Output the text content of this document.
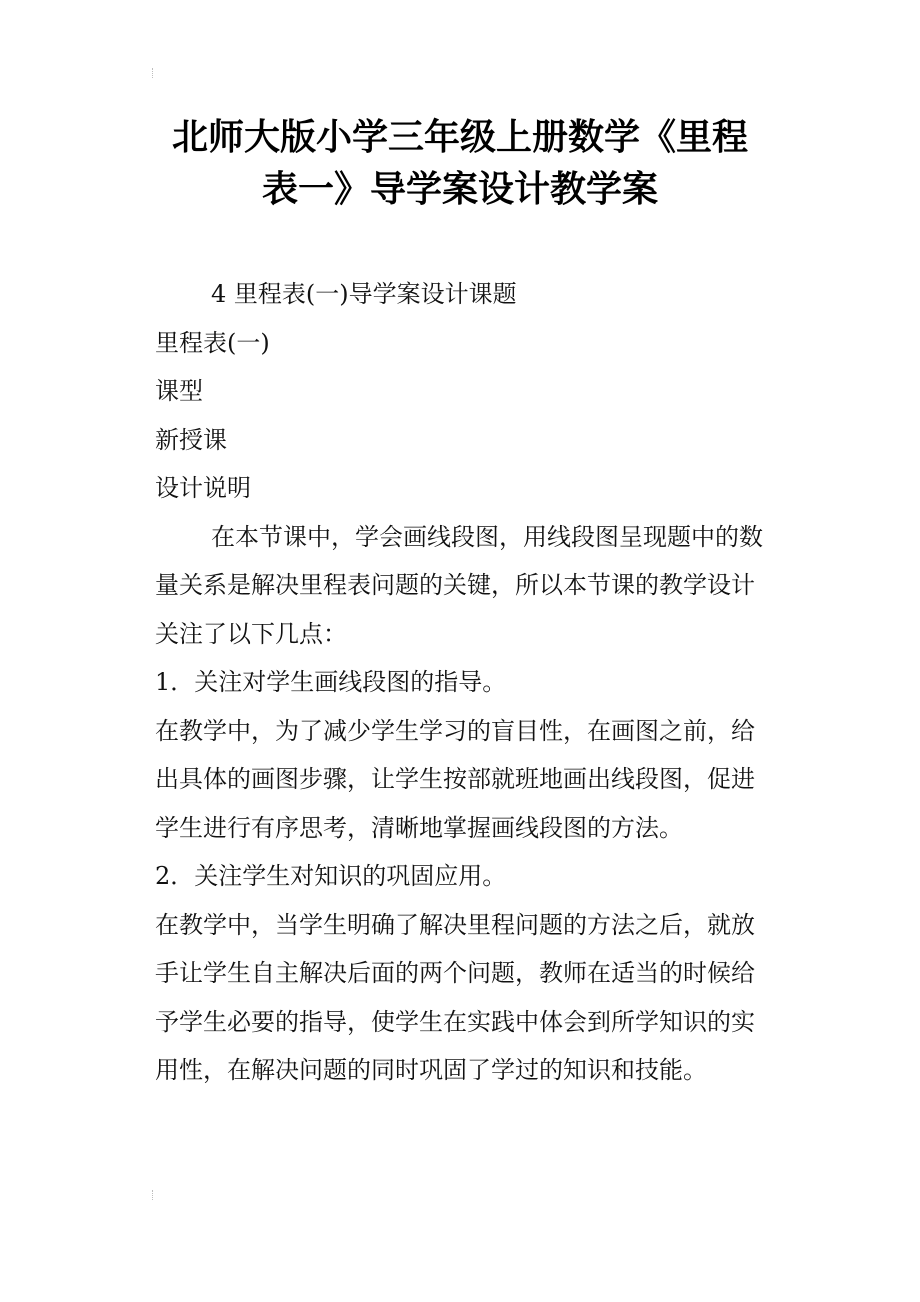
北师大版小学三年级上册数学《里程
表一》导学案设计教学案

4 里程表(一)导学案设计课题

里程表(一)

课型

新授课

设计说明

在本节课中，学会画线段图，用线段图呈现题中的数量关系是解决里程表问题的关键，所以本节课的教学设计关注了以下几点：

1．关注对学生画线段图的指导。

在教学中，为了减少学生学习的盲目性，在画图之前，给出具体的画图步骤，让学生按部就班地画出线段图，促进学生进行有序思考，清晰地掌握画线段图的方法。

2．关注学生对知识的巩固应用。

在教学中，当学生明确了解决里程问题的方法之后，就放手让学生自主解决后面的两个问题，教师在适当的时候给予学生必要的指导，使学生在实践中体会到所学知识的实用性，在解决问题的同时巩固了学过的知识和技能。
